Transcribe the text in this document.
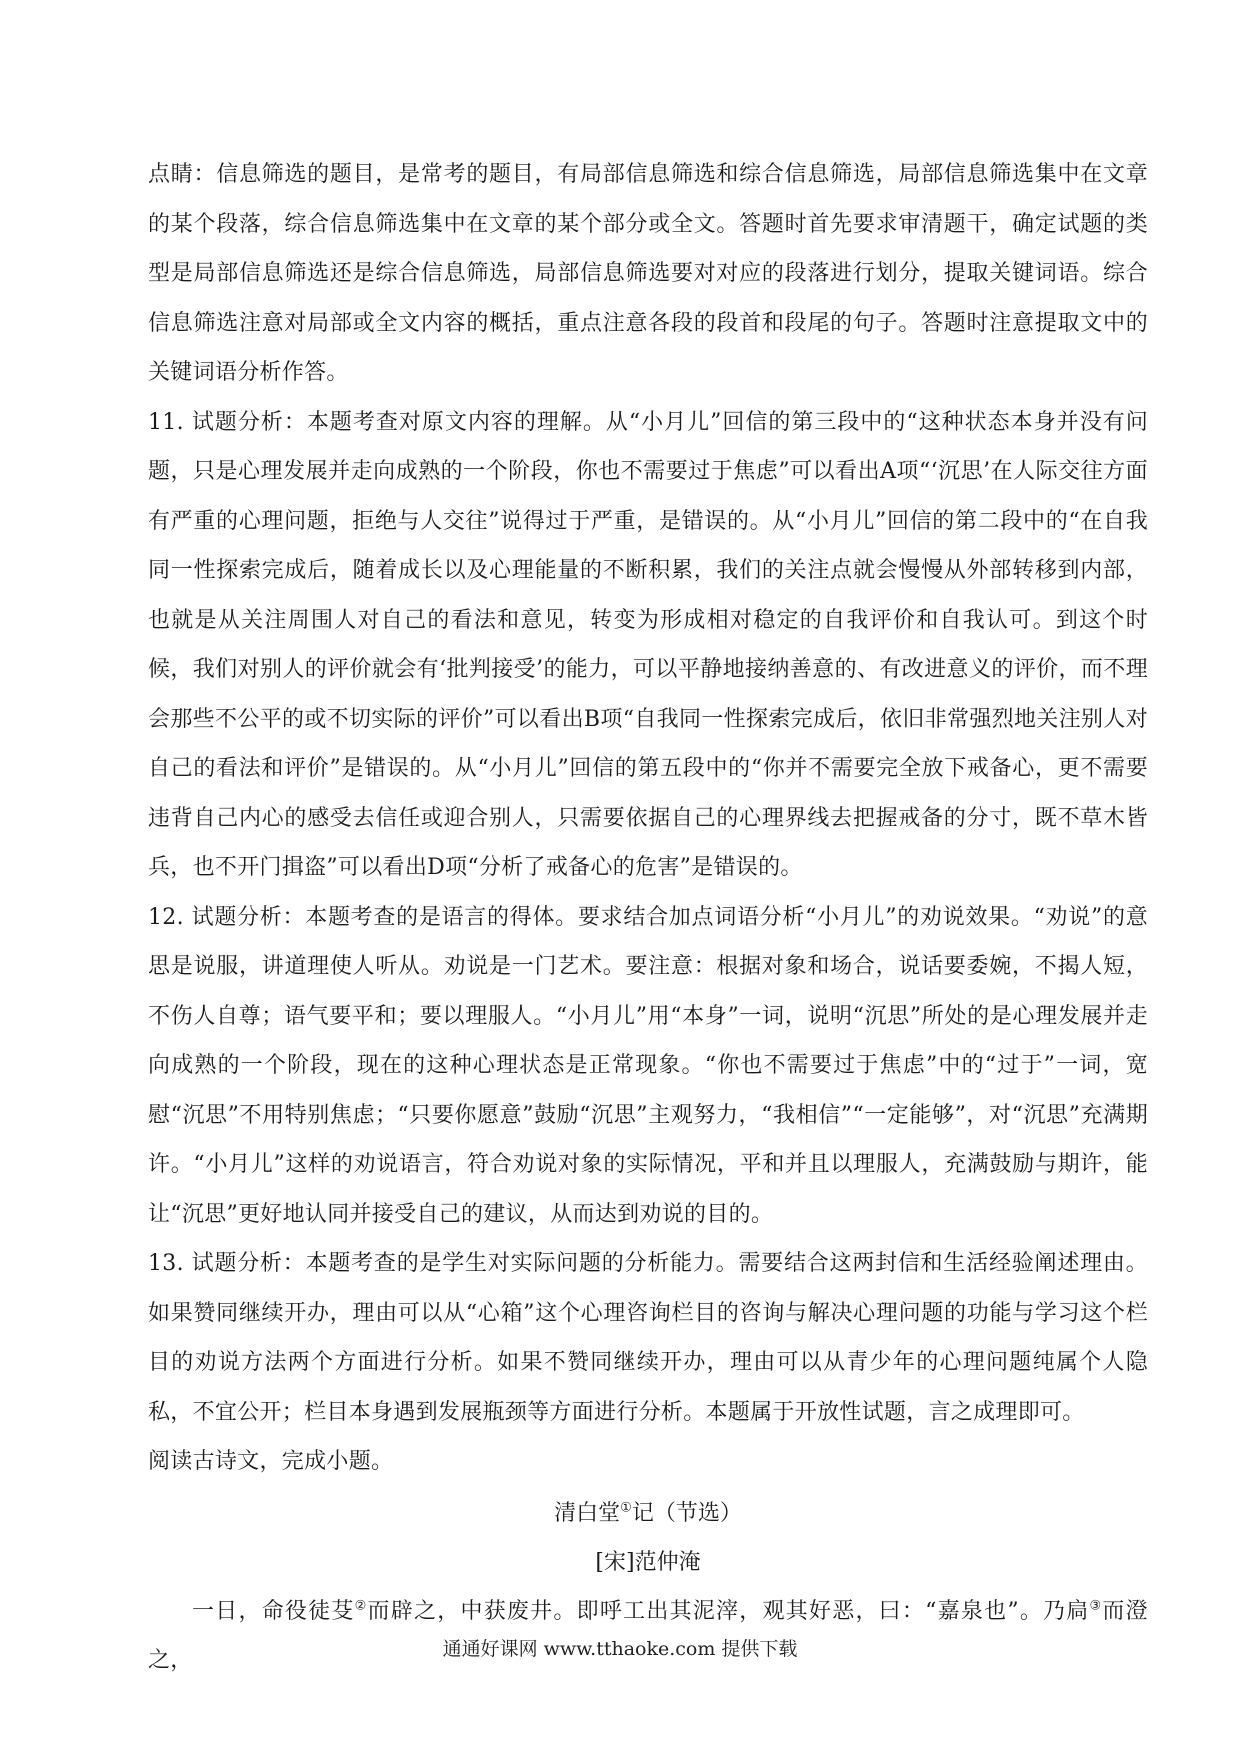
点睛：信息筛选的题目，是常考的题目，有局部信息筛选和综合信息筛选，局部信息筛选集中在文章的某个段落，综合信息筛选集中在文章的某个部分或全文。答题时首先要求审清题干，确定试题的类型是局部信息筛选还是综合信息筛选，局部信息筛选要对对应的段落进行划分，提取关键词语。综合信息筛选注意对局部或全文内容的概括，重点注意各段的段首和段尾的句子。答题时注意提取文中的关键词语分析作答。

11. 试题分析：本题考查对原文内容的理解。从“小月儿”回信的第三段中的“这种状态本身并没有问题，只是心理发展并走向成熟的一个阶段，你也不需要过于焦虑”可以看出A项“‘沉思’在人际交往方面有严重的心理问题，拒绝与人交往”说得过于严重，是错误的。从“小月儿”回信的第二段中的“在自我同一性探索完成后，随着成长以及心理能量的不断积累，我们的关注点就会慢慢从外部转移到内部，也就是从关注周围人对自己的看法和意见，转变为形成相对稳定的自我评价和自我认可。到这个时候，我们对别人的评价就会有‘批判接受’的能力，可以平静地接纳善意的、有改进意义的评价，而不理会那些不公平的或不切实际的评价”可以看出B项“自我同一性探索完成后，依旧非常强烈地关注别人对自己的看法和评价”是错误的。从“小月儿”回信的第五段中的“你并不需要完全放下戒备心，更不需要违背自己内心的感受去信任或迎合别人，只需要依据自己的心理界线去把握戒备的分寸，既不草木皆兵，也不开门揖盗”可以看出D项“分析了戒备心的危害”是错误的。

12. 试题分析：本题考查的是语言的得体。要求结合加点词语分析“小月儿”的劝说效果。“劝说”的意思是说服，讲道理使人听从。劝说是一门艺术。要注意：根据对象和场合，说话要委婉，不揭人短，不伤人自尊；语气要平和；要以理服人。“小月儿”用“本身”一词，说明“沉思”所处的是心理发展并走向成熟的一个阶段，现在的这种心理状态是正常现象。“你也不需要过于焦虑”中的“过于”一词，宽慰“沉思”不用特别焦虑；“只要你愿意”鼓励“沉思”主观努力，“我相信”“一定能够”，对“沉思”充满期许。“小月儿”这样的劝说语言，符合劝说对象的实际情况，平和并且以理服人，充满鼓励与期许，能让“沉思”更好地认同并接受自己的建议，从而达到劝说的目的。

13. 试题分析：本题考查的是学生对实际问题的分析能力。需要结合这两封信和生活经验阐述理由。如果赞同继续开办，理由可以从“心箱”这个心理咨询栏目的咨询与解决心理问题的功能与学习这个栏目的劝说方法两个方面进行分析。如果不赞同继续开办，理由可以从青少年的心理问题纯属个人隐私，不宜公开；栏目本身遇到发展瓶颈等方面进行分析。本题属于开放性试题，言之成理即可。

阅读古诗文，完成小题。

清白堂①记（节选）

[宋]范仲淹

一日，命役徒芟②而辟之，中获废井。即呼工出其泥滓，观其好恶，曰：“嘉泉也”。乃扃③而澄之，	通通好课网 www.tthaoke.com 提供下载
